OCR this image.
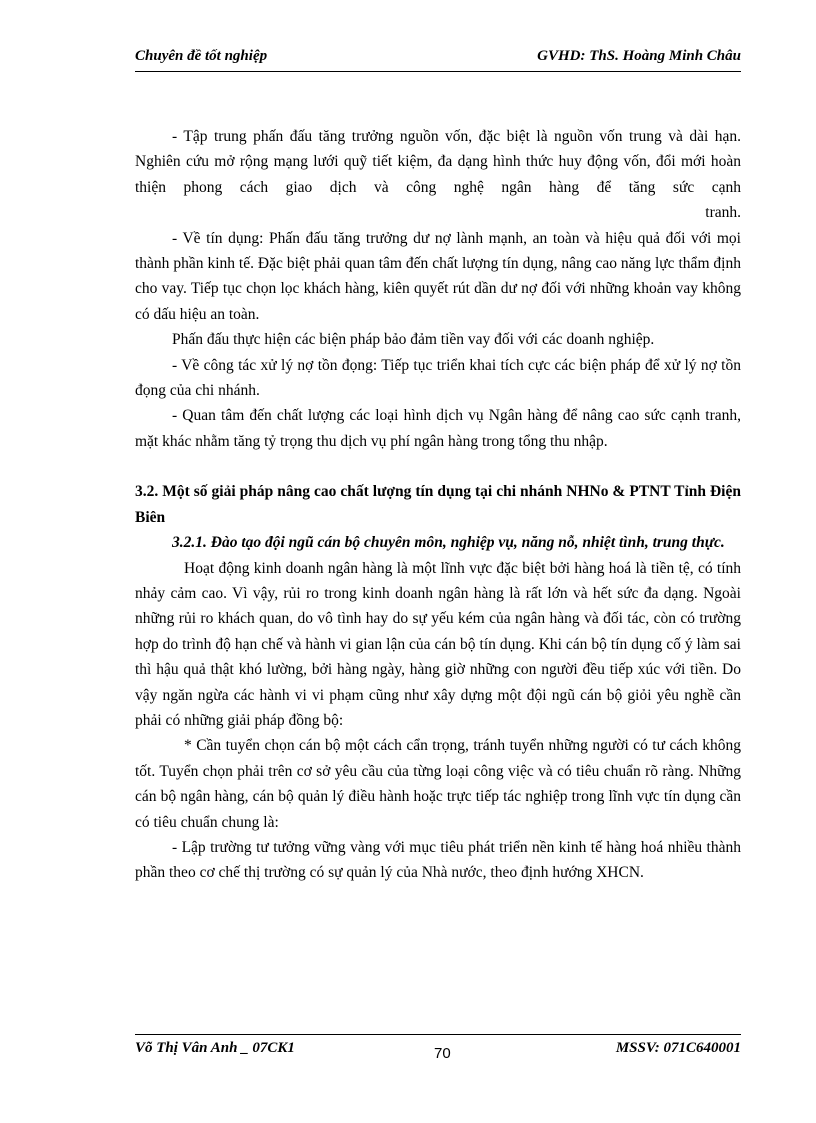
Chuyên đề tốt nghiệp	GVHD: ThS. Hoàng Minh Châu

- Tập trung phấn đấu tăng trưởng nguồn vốn, đặc biệt là nguồn vốn trung và dài hạn. Nghiên cứu mở rộng mạng lưới quỹ tiết kiệm, đa dạng hình thức huy động vốn, đổi mới hoàn thiện phong cách giao dịch và công nghệ ngân hàng để tăng sức cạnh

tranh.

- Về tín dụng: Phấn đấu tăng trưởng dư nợ lành mạnh, an toàn và hiệu quả đối với mọi thành phần kinh tế. Đặc biệt phải quan tâm đến chất lượng tín dụng, nâng cao năng lực thẩm định cho vay. Tiếp tục chọn lọc khách hàng, kiên quyết rút dần dư nợ đối với những khoản vay không có dấu hiệu an toàn.

Phấn đấu thực hiện các biện pháp bảo đảm tiền vay đối với các doanh nghiệp.

- Về công tác xử lý nợ tồn đọng: Tiếp tục triển khai tích cực các biện pháp để xử lý nợ tồn đọng của chi nhánh.

- Quan tâm đến chất lượng các loại hình dịch vụ Ngân hàng để nâng cao sức cạnh tranh, mặt khác nhằm tăng tỷ trọng thu dịch vụ phí ngân hàng trong tổng thu nhập.

3.2. Một số giải pháp nâng cao chất lượng tín dụng tại chi nhánh NHNo & PTNT Tỉnh Điện Biên

3.2.1. Đào tạo đội ngũ cán bộ chuyên môn, nghiệp vụ, năng nỗ, nhiệt tình, trung thực.

Hoạt động kinh doanh ngân hàng là một lĩnh vực đặc biệt bởi hàng hoá là tiền tệ, có tính nhảy cảm cao. Vì vậy, rủi ro trong kinh doanh ngân hàng là rất lớn và hết sức đa dạng. Ngoài những rủi ro khách quan, do vô tình hay do sự yếu kém của ngân hàng và đối tác, còn có trường hợp do trình độ hạn chế và hành vi gian lận của cán bộ tín dụng. Khi cán bộ tín dụng cố ý làm sai thì hậu quả thật khó lường, bởi hàng ngày, hàng giờ những con người đều tiếp xúc với tiền. Do vậy ngăn ngừa các hành vi vi phạm cũng như xây dựng một đội ngũ cán bộ giỏi yêu nghề cần phải có những giải pháp đồng bộ:

* Cần tuyển chọn cán bộ một cách cẩn trọng, tránh tuyển những người có tư cách không tốt. Tuyển chọn phải trên cơ sở yêu cầu của từng loại công việc và có tiêu chuẩn rõ ràng. Những cán bộ ngân hàng, cán bộ quản lý điều hành hoặc trực tiếp tác nghiệp trong lĩnh vực tín dụng cần có tiêu chuẩn chung là:

- Lập trường tư tưởng vững vàng với mục tiêu phát triển nền kinh tế hàng hoá nhiều thành phần theo cơ chế thị trường có sự quản lý của Nhà nước, theo định hướng XHCN.

Võ Thị Vân Anh _ 07CK1	70	MSSV: 071C640001
